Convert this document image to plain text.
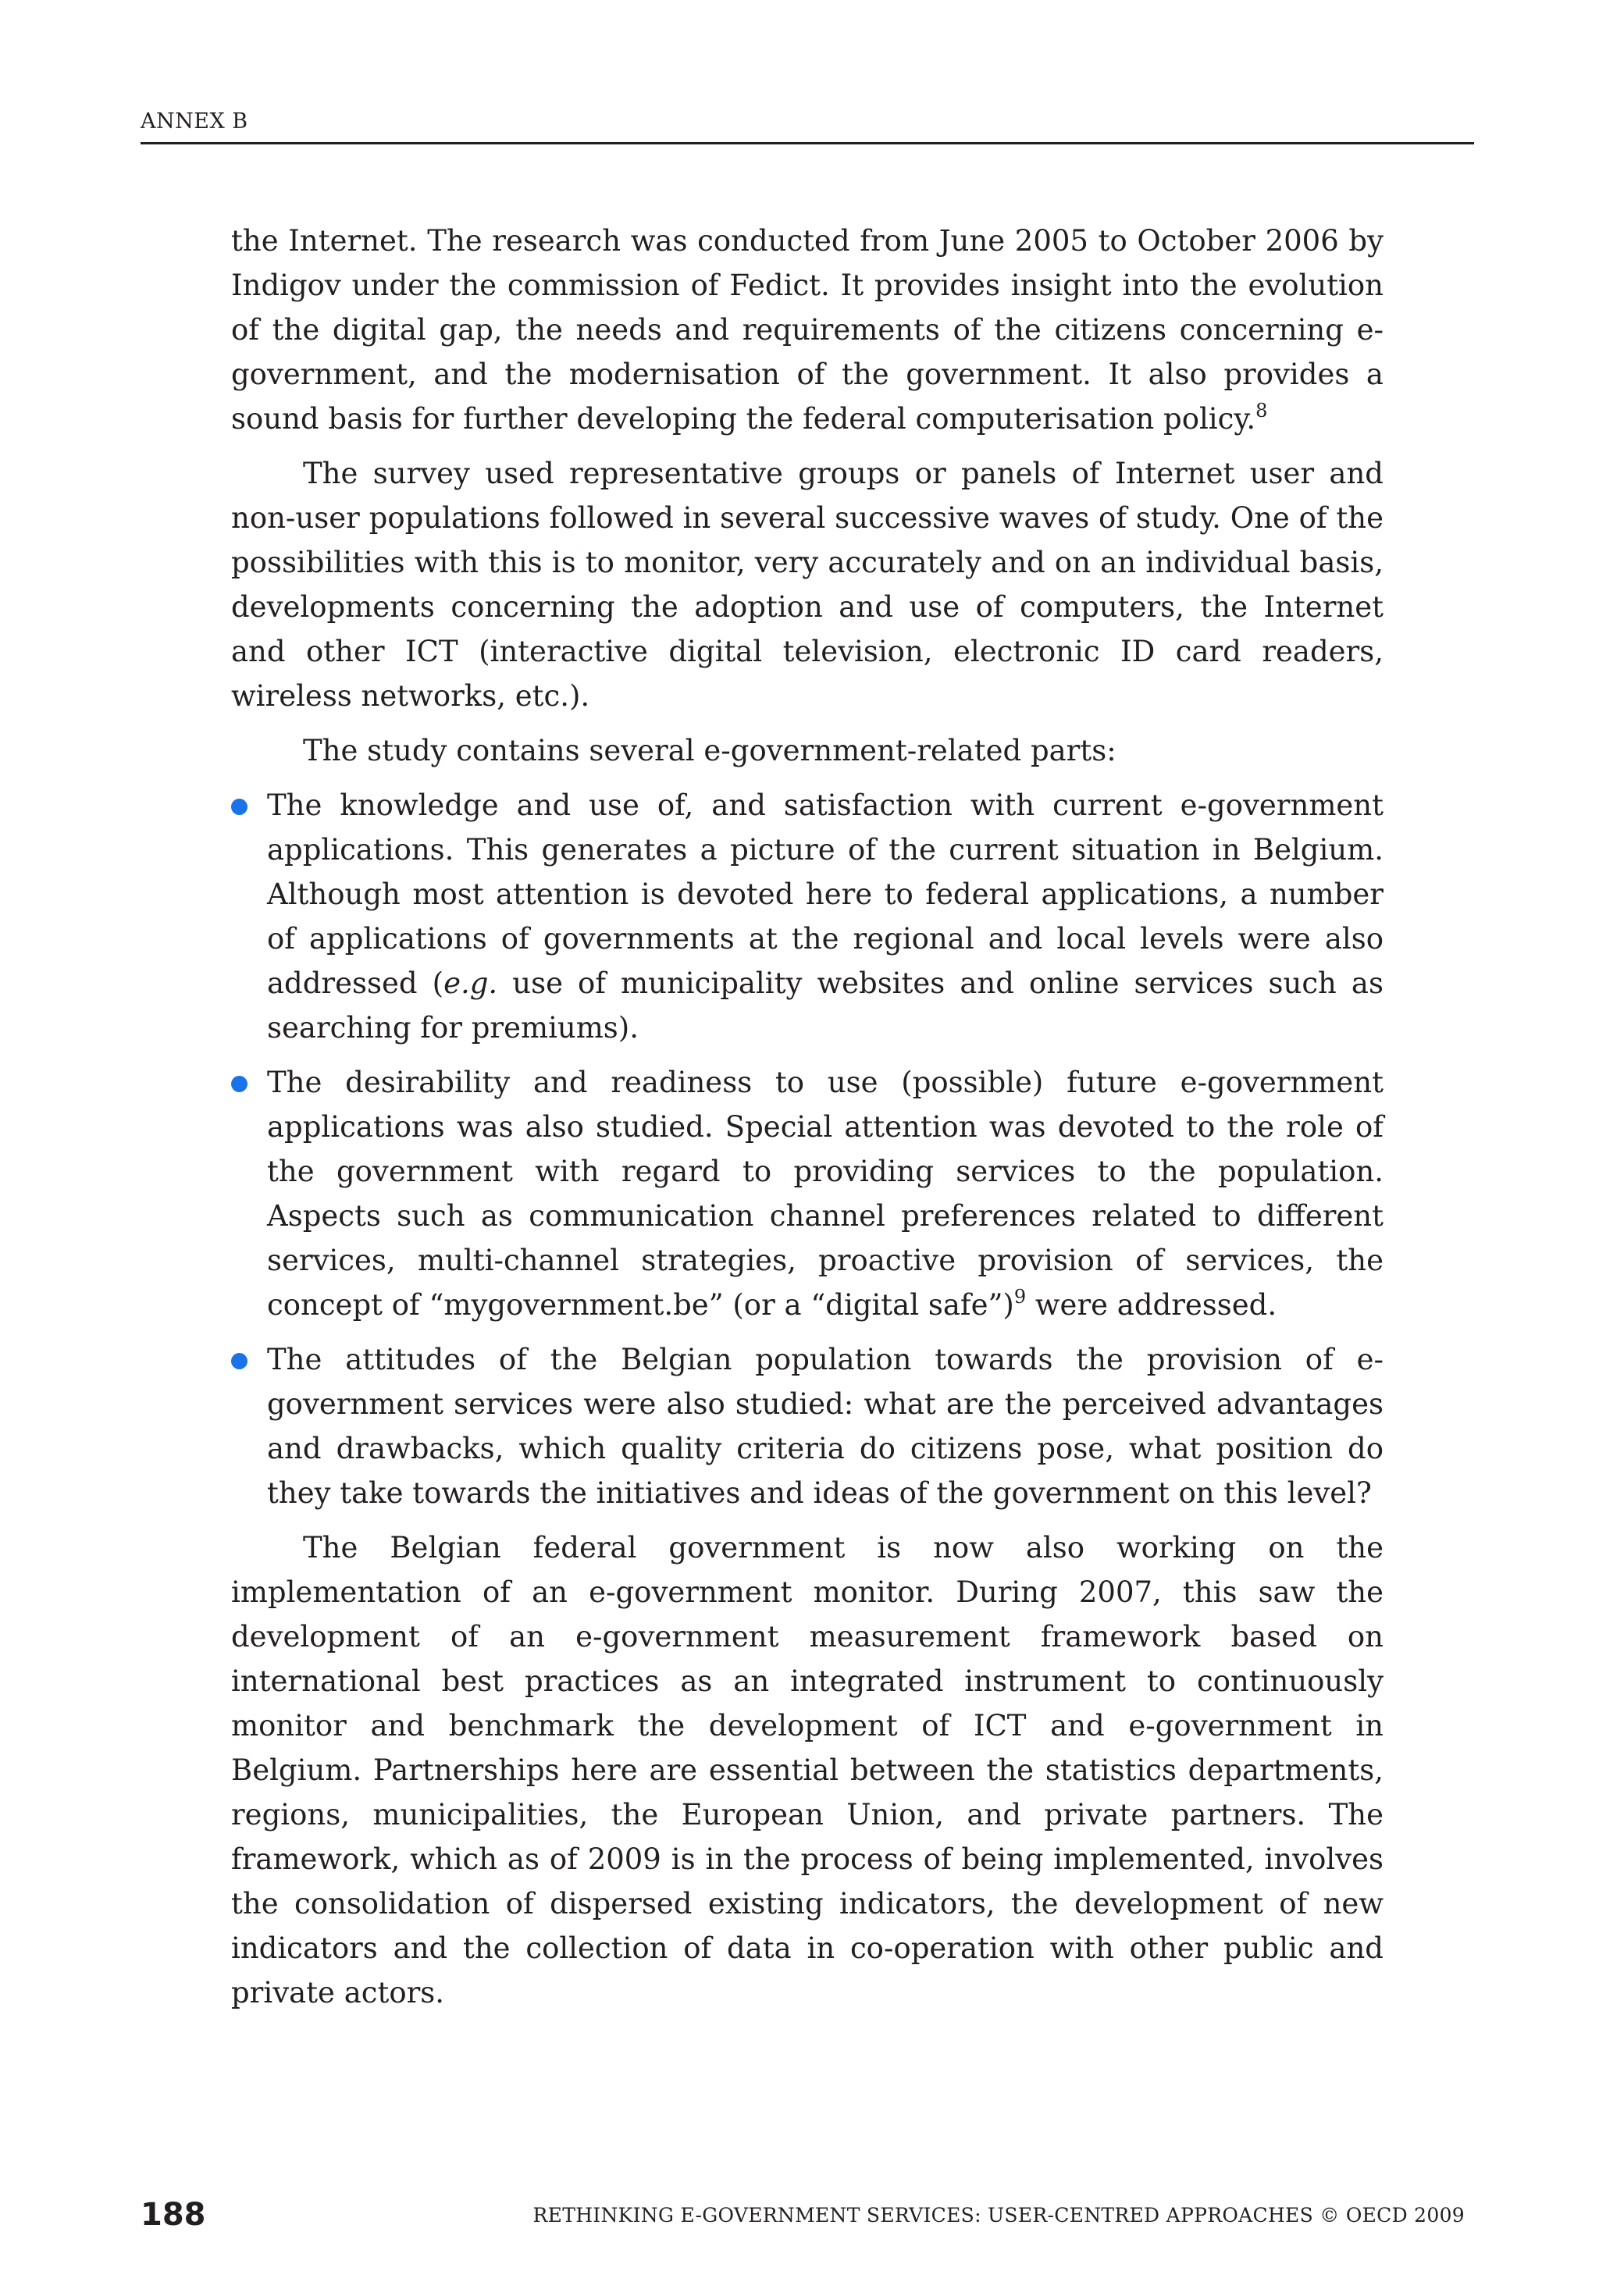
ANNEX B

the Internet. The research was conducted from June 2005 to October 2006 by Indigov under the commission of Fedict. It provides insight into the evolution of the digital gap, the needs and requirements of the citizens concerning e-government, and the modernisation of the government. It also provides a sound basis for further developing the federal computerisation policy.$^8$

The survey used representative groups or panels of Internet user and non-user populations followed in several successive waves of study. One of the possibilities with this is to monitor, very accurately and on an individual basis, developments concerning the adoption and use of computers, the Internet and other ICT (interactive digital television, electronic ID card readers, wireless networks, etc.).

The study contains several e-government-related parts:

The knowledge and use of, and satisfaction with current e-government applications. This generates a picture of the current situation in Belgium. Although most attention is devoted here to federal applications, a number of applications of governments at the regional and local levels were also addressed (e.g. use of municipality websites and online services such as searching for premiums).
The desirability and readiness to use (possible) future e-government applications was also studied. Special attention was devoted to the role of the government with regard to providing services to the population. Aspects such as communication channel preferences related to different services, multi-channel strategies, proactive provision of services, the concept of “mygovernment.be” (or a “digital safe”)$^9$ were addressed.
The attitudes of the Belgian population towards the provision of e-government services were also studied: what are the perceived advantages and drawbacks, which quality criteria do citizens pose, what position do they take towards the initiatives and ideas of the government on this level?

The Belgian federal government is now also working on the implementation of an e-government monitor. During 2007, this saw the development of an e-government measurement framework based on international best practices as an integrated instrument to continuously monitor and benchmark the development of ICT and e-government in Belgium. Partnerships here are essential between the statistics departments, regions, municipalities, the European Union, and private partners. The framework, which as of 2009 is in the process of being implemented, involves the consolidation of dispersed existing indicators, the development of new indicators and the collection of data in co-operation with other public and private actors.

188	RETHINKING E-GOVERNMENT SERVICES: USER-CENTRED APPROACHES © OECD 2009
